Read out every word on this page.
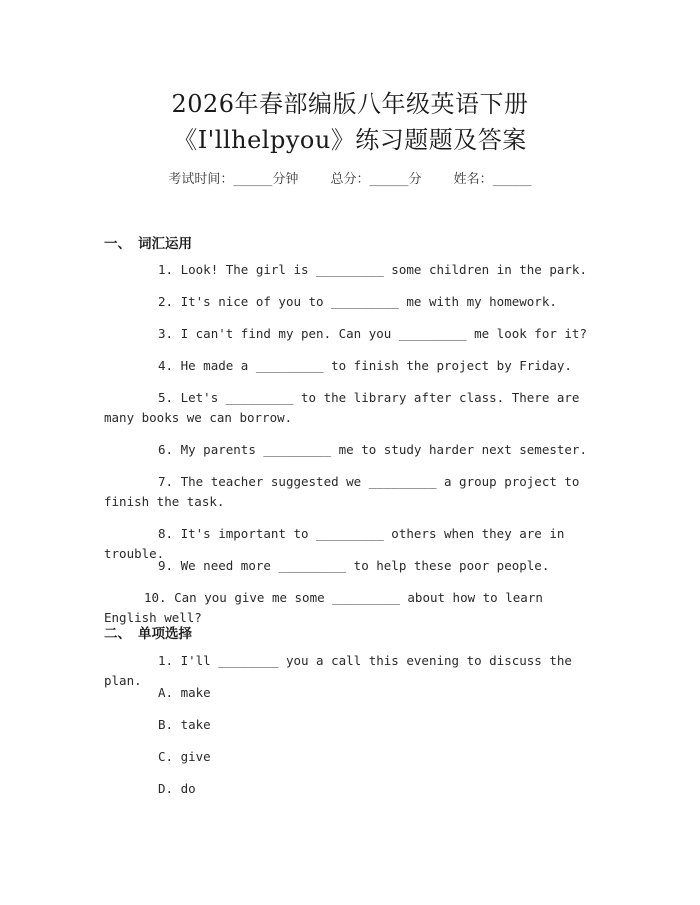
2026年春部编版八年级英语下册
《I'llhelpyou》练习题题及答案
考试时间：______分钟 总分：______分 姓名：______
一、 词汇运用
1. Look! The girl is _________ some children in the park.
2. It's nice of you to _________ me with my homework.
3. I can't find my pen. Can you _________ me look for it?
4. He made a _________ to finish the project by Friday.
5. Let's _________ to the library after class. There are many books we can borrow.
6. My parents _________ me to study harder next semester.
7. The teacher suggested we _________ a group project to finish the task.
8. It's important to _________ others when they are in trouble.
9. We need more _________ to help these poor people.
10. Can you give me some _________ about how to learn English well?
二、 单项选择
1. I'll ________ you a call this evening to discuss the plan.
A. make
B. take
C. give
D. do
